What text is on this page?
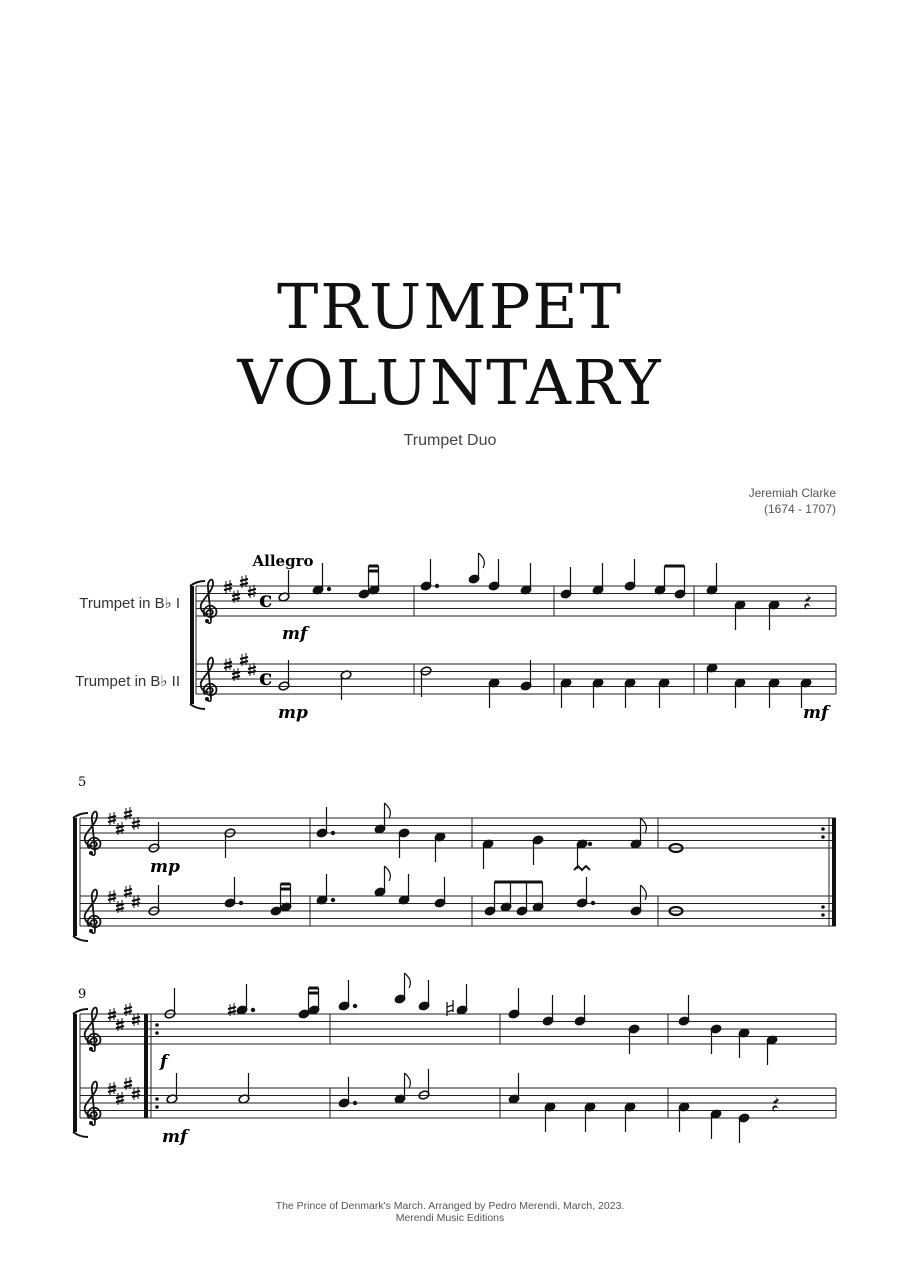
TRUMPET
VOLUNTARY
Trumpet Duo
Jeremiah Clarke
(1674 - 1707)
Allegro
Trumpet in B♭ I
Trumpet in B♭ II
c
c
mf
mp	mf
5
mp
9
f
mf
The Prince of Denmark's March. Arranged by Pedro Merendi, March, 2023.
Merendi Music Editions
